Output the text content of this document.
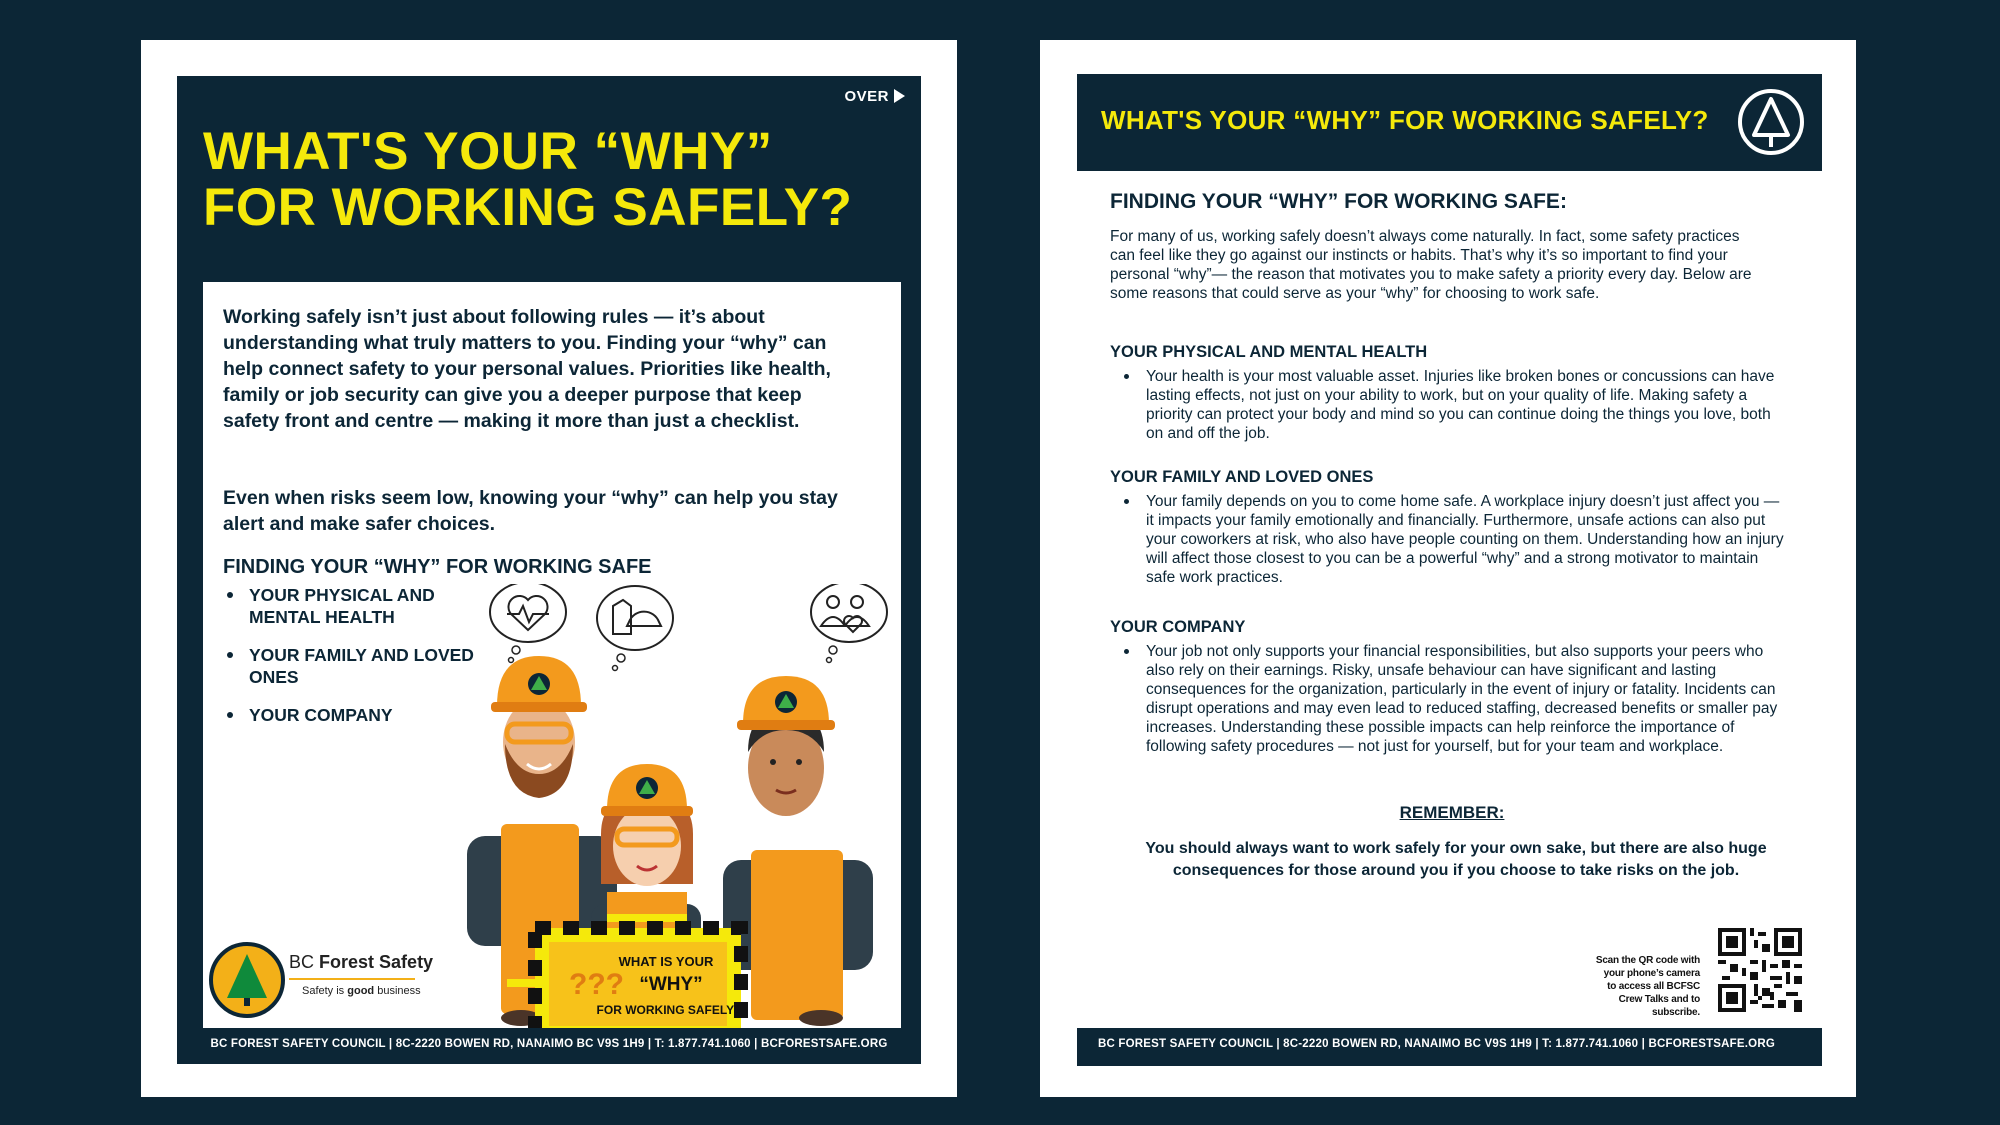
OVER
WHAT'S YOUR “WHY”
FOR WORKING SAFELY?

Working safely isn’t just about following rules — it’s about understanding what truly matters to you. Finding your “why” can help connect safety to your personal values. Priorities like health, family or job security can give you a deeper purpose that keep safety front and centre — making it more than just a checklist.

Even when risks seem low, knowing your “why” can help you stay alert and make safer choices.

FINDING YOUR “WHY” FOR WORKING SAFE
YOUR PHYSICAL AND MENTAL HEALTH
YOUR FAMILY AND LOVED ONES
YOUR COMPANY
???
WHAT IS YOUR
“WHY”
FOR WORKING SAFELY?
BC Forest Safety
Safety is good business
BC FOREST SAFETY COUNCIL | 8C-2220 BOWEN RD, NANAIMO BC V9S 1H9 | T: 1.877.741.1060 | BCFORESTSAFE.ORG
WHAT'S YOUR “WHY” FOR WORKING SAFELY?
FINDING YOUR “WHY” FOR WORKING SAFE:

For many of us, working safely doesn’t always come naturally. In fact, some safety practices can feel like they go against our instincts or habits. That’s why it’s so important to find your personal “why”— the reason that motivates you to make safety a priority every day. Below are some reasons that could serve as your “why” for choosing to work safe.

YOUR PHYSICAL AND MENTAL HEALTH
Your health is your most valuable asset. Injuries like broken bones or concussions can have lasting effects, not just on your ability to work, but on your quality of life. Making safety a priority can protect your body and mind so you can continue doing the things you love, both on and off the job.
YOUR FAMILY AND LOVED ONES
Your family depends on you to come home safe. A workplace injury doesn’t just affect you — it impacts your family emotionally and financially. Furthermore, unsafe actions can also put your coworkers at risk, who also have people counting on them. Understanding how an injury will affect those closest to you can be a powerful “why” and a strong motivator to maintain safe work practices.
YOUR COMPANY
Your job not only supports your financial responsibilities, but also supports your peers who also rely on their earnings. Risky, unsafe behaviour can have significant and lasting consequences for the organization, particularly in the event of injury or fatality. Incidents can disrupt operations and may even lead to reduced staffing, decreased benefits or smaller pay increases. Understanding these possible impacts can help reinforce the importance of following safety procedures — not just for yourself, but for your team and workplace.

REMEMBER:

You should always want to work safely for your own sake, but there are also huge consequences for those around you if you choose to take risks on the job.

Scan the QR code with your phone’s camera to access all BCFSC Crew Talks and to subscribe.

BC FOREST SAFETY COUNCIL | 8C-2220 BOWEN RD, NANAIMO BC V9S 1H9 | T: 1.877.741.1060 | BCFORESTSAFE.ORG
